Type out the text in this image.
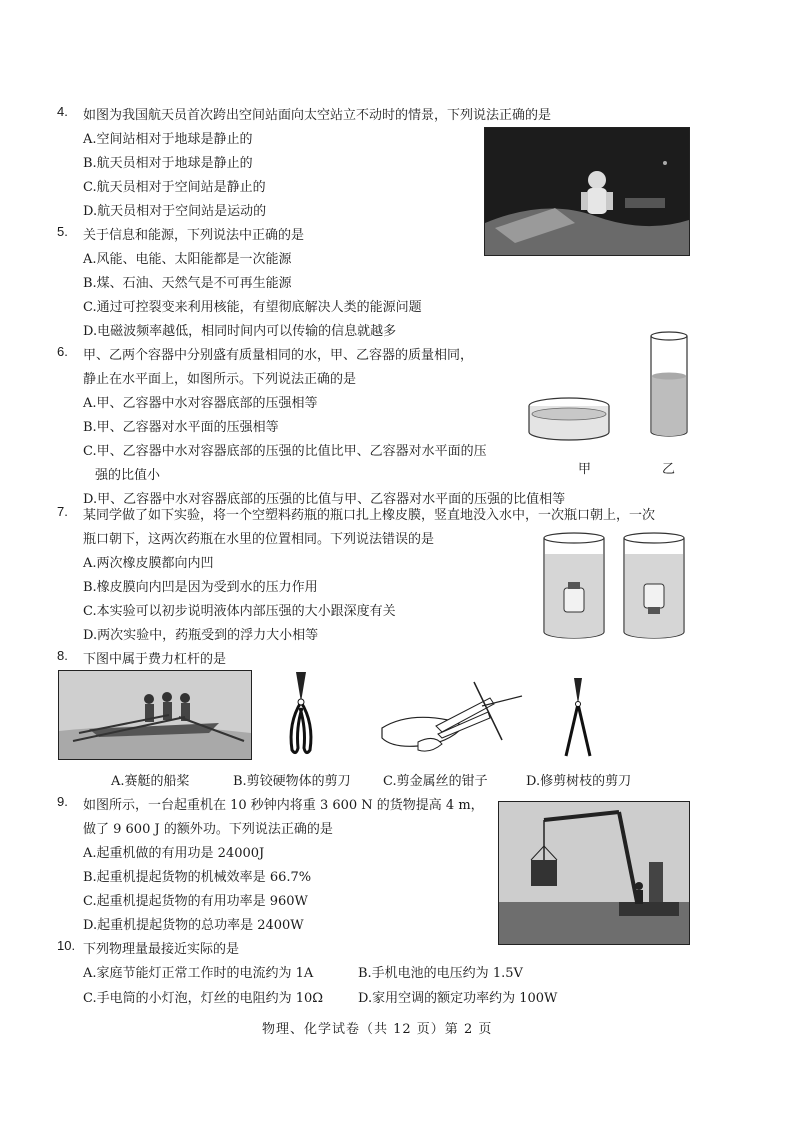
4. 如图为我国航天员首次跨出空间站面向太空站立不动时的情景，下列说法正确的是
A.空间站相对于地球是静止的
B.航天员相对于地球是静止的
C.航天员相对于空间站是静止的
D.航天员相对于空间站是运动的
5. 关于信息和能源，下列说法中正确的是
A.风能、电能、太阳能都是一次能源
B.煤、石油、天然气是不可再生能源
C.通过可控裂变来利用核能，有望彻底解决人类的能源问题
D.电磁波频率越低，相同时间内可以传输的信息就越多
6. 甲、乙两个容器中分别盛有质量相同的水，甲、乙容器的质量相同，
静止在水平面上，如图所示。下列说法正确的是
A.甲、乙容器中水对容器底部的压强相等
B.甲、乙容器对水平面的压强相等
C.甲、乙容器中水对容器底部的压强的比值比甲、乙容器对水平面的压
强的比值小
D.甲、乙容器中水对容器底部的压强的比值与甲、乙容器对水平面的压强的比值相等
甲	乙
7. 某同学做了如下实验，将一个空塑料药瓶的瓶口扎上橡皮膜，竖直地没入水中，一次瓶口朝上，一次
瓶口朝下，这两次药瓶在水里的位置相同。下列说法错误的是
A.两次橡皮膜都向内凹
B.橡皮膜向内凹是因为受到水的压力作用
C.本实验可以初步说明液体内部压强的大小跟深度有关
D.两次实验中，药瓶受到的浮力大小相等
8. 下图中属于费力杠杆的是
A.赛艇的船桨	B.剪铰硬物体的剪刀 C.剪金属丝的钳子	D.修剪树枝的剪刀
9. 如图所示，一台起重机在 10 秒钟内将重 3 600 N 的货物提高 4 m，
做了 9 600 J 的额外功。下列说法正确的是
A.起重机做的有用功是 24000J
B.起重机提起货物的机械效率是 66.7%
C.起重机提起货物的有用功率是 960W
D.起重机提起货物的总功率是 2400W
10. 下列物理量最接近实际的是
A.家庭节能灯正常工作时的电流约为 1A	B.手机电池的电压约为 1.5V
C.手电筒的小灯泡，灯丝的电阻约为 10Ω	D.家用空调的额定功率约为 100W
物理、化学试卷（共 12 页）第 2 页
